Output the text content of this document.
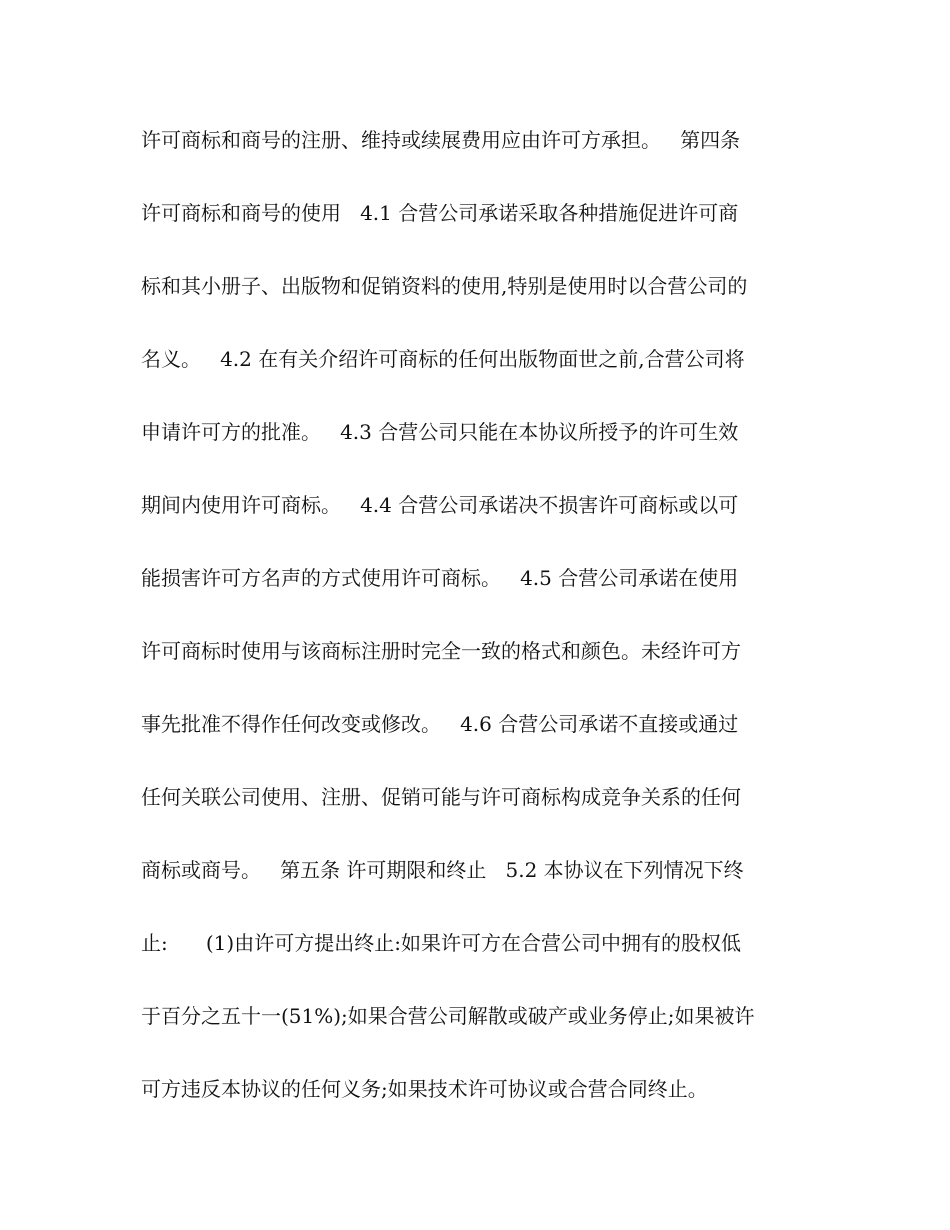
许可商标和商号的注册、维持或续展费用应由许可方承担。   第四条
许可商标和商号的使用   4.1 合营公司承诺采取各种措施促进许可商
标和其小册子、出版物和促销资料的使用,特别是使用时以合营公司的
名义。   4.2 在有关介绍许可商标的任何出版物面世之前,合营公司将
申请许可方的批准。   4.3 合营公司只能在本协议所授予的许可生效
期间内使用许可商标。   4.4 合营公司承诺决不损害许可商标或以可
能损害许可方名声的方式使用许可商标。   4.5 合营公司承诺在使用
许可商标时使用与该商标注册时完全一致的格式和颜色。未经许可方
事先批准不得作任何改变或修改。   4.6 合营公司承诺不直接或通过
任何关联公司使用、注册、促销可能与许可商标构成竞争关系的任何
商标或商号。   第五条 许可期限和终止   5.2 本协议在下列情况下终
止:      (1)由许可方提出终止:如果许可方在合营公司中拥有的股权低
于百分之五十一(51%);如果合营公司解散或破产或业务停止;如果被许
可方违反本协议的任何义务;如果技术许可协议或合营合同终止。
